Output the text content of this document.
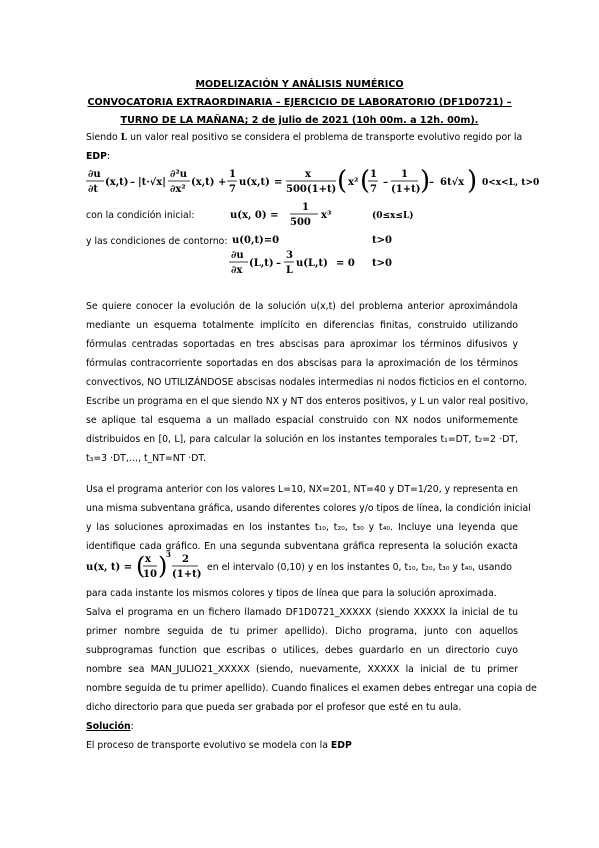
MODELIZACIÓN Y ANÁLISIS NUMÉRICO
CONVOCATORIA EXTRAORDINARIA – EJERCICIO DE LABORATORIO (DF1D0721) –
TURNO DE LA MAÑANA; 2 de julio de 2021 (10h 00m. a 12h. 00m).
Siendo L un valor real positivo se considera el problema de transporte evolutivo regido por la
EDP:
∂u
∂t
(x,t) – |t·√x|
∂²u
∂x²
(x,t) +
1
7
u(x,t) =
x
500(1+t) ( x² ( 1
7
–
1
(1+t) )
– 6t√x ) 0<x<L, t>0
con la condición inicial:	u(x, 0) =
1
500
x³	(0≤x≤L)
y las condiciones de contorno: u(0,t)=0	t>0
∂u
∂x
(L,t) –
3
L
u(L,t) = 0 t>0
Se quiere conocer la evolución de la solución u(x,t) del problema anterior aproximándola
mediante un esquema totalmente implícito en diferencias finitas, construido utilizando
fórmulas centradas soportadas en tres abscisas para aproximar los términos difusivos y
fórmulas contracorriente soportadas en dos abscisas para la aproximación de los términos
convectivos, NO UTILIZÁNDOSE abscisas nodales intermedias ni nodos ficticios en el contorno.
Escribe un programa en el que siendo NX y NT dos enteros positivos, y L un valor real positivo,
se aplique tal esquema a un mallado espacial construido con NX nodos uniformemente
distribuidos en [0, L], para calcular la solución en los instantes temporales t₁=DT, t₂=2 ·DT,
t₃=3 ·DT,…, t_NT=NT ·DT.
Usa el programa anterior con los valores L=10, NX=201, NT=40 y DT=1/20, y representa en
una misma subventana gráfica, usando diferentes colores y/o tipos de línea, la condición inicial
y las soluciones aproximadas en los instantes t₁₀, t₂₀, t₃₀ y t₄₀. Incluye una leyenda que
identifique cada gráfico. En una segunda subventana gráfica representa la solución exacta
u(x, t) = ( x
10 )
3 2
(1+t)
en el intervalo (0,10) y en los instantes 0, t₁₀, t₂₀, t₃₀ y t₄₀, usando
para cada instante los mismos colores y tipos de línea que para la solución aproximada.
Salva el programa en un fichero llamado DF1D0721_XXXXX (siendo XXXXX la inicial de tu
primer nombre seguida de tu primer apellido). Dicho programa, junto con aquellos
subprogramas function que escribas o utilices, debes guardarlo en un directorio cuyo
nombre sea MAN_JULIO21_XXXXX (siendo, nuevamente, XXXXX la inicial de tu primer
nombre seguida de tu primer apellido). Cuando finalices el examen debes entregar una copia de
dicho directorio para que pueda ser grabada por el profesor que esté en tu aula.
Solución:
El proceso de transporte evolutivo se modela con la EDP
